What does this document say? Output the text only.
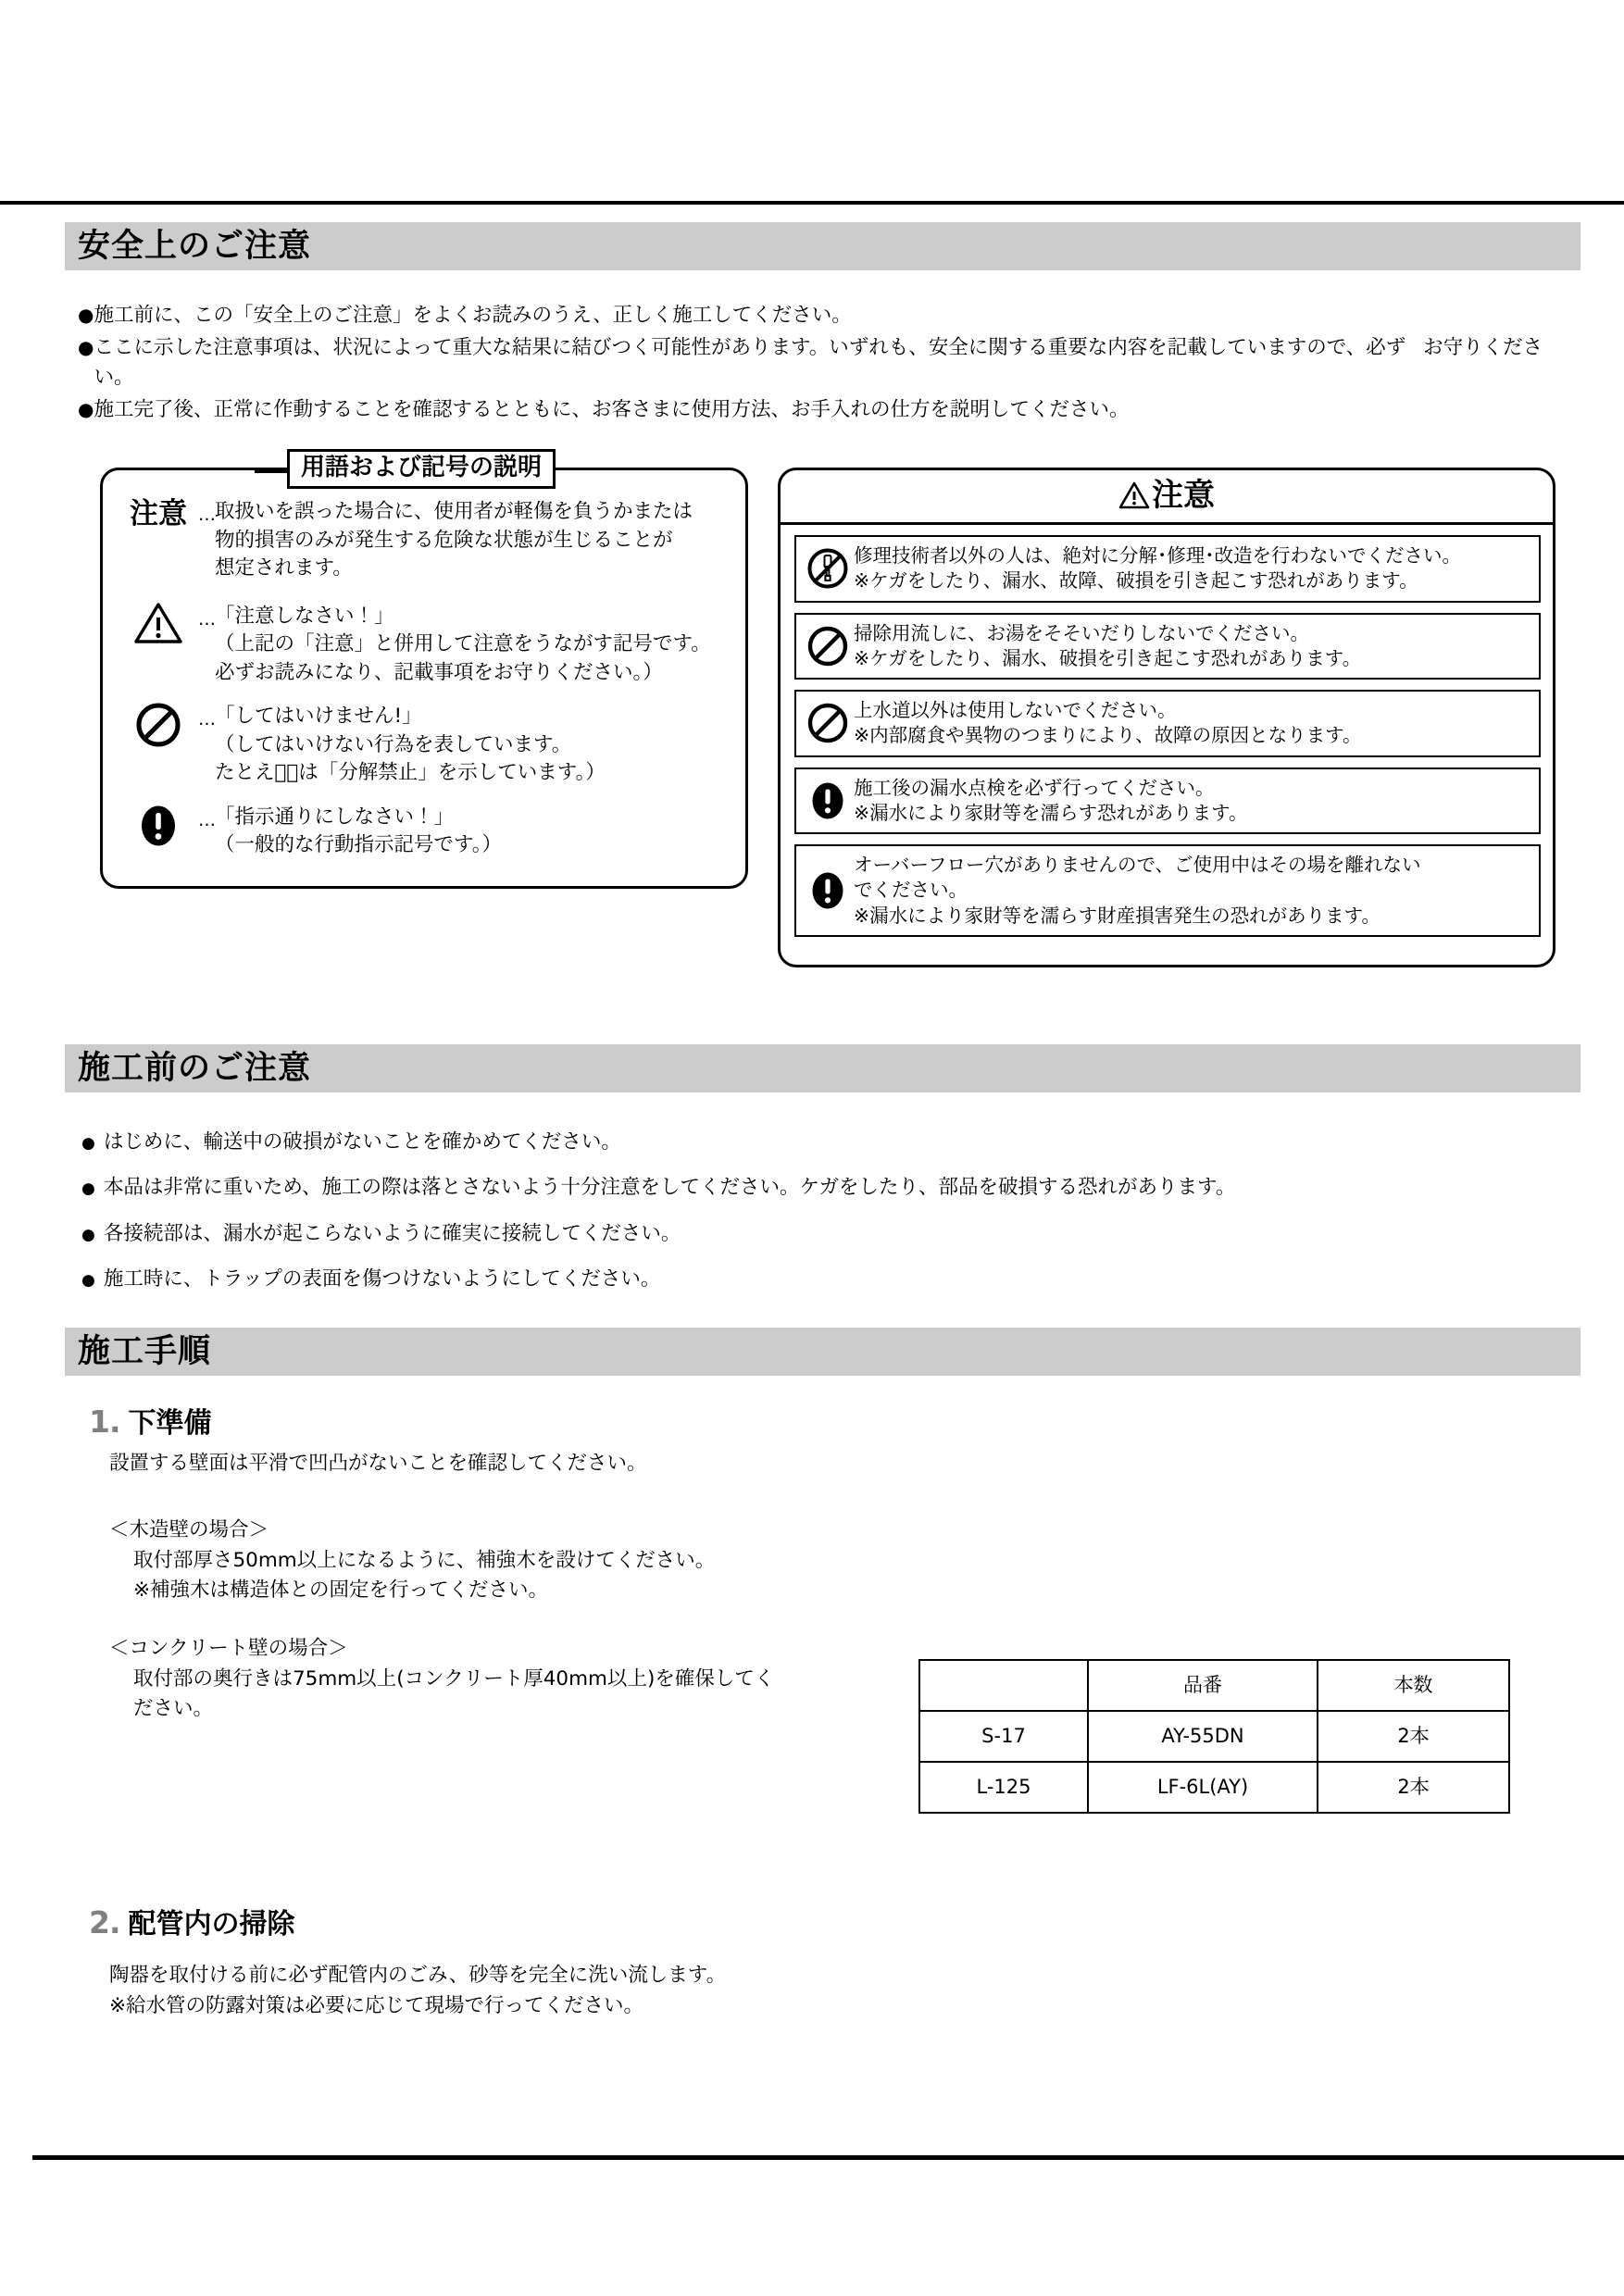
安全上のご注意
● 施工前に、この「安全上のご注意」をよくお読みのうえ、正しく施工してください。
● ここに示した注意事項は、状況によって重大な結果に結びつく可能性があります。いずれも、安全に関する重要な内容を記載していますので、必ず お守りください。
● 施工完了後、正常に作動することを確認するとともに、お客さまに使用方法、お手入れの仕方を説明してください。
用語および記号の説明
注意 … 取扱いを誤った場合に、使用者が軽傷を負うかまたは
物的損害のみが発生する危険な状態が生じることが
想定されます。
… 「注意しなさい！」
（上記の「注意」と併用して注意をうながす記号です。
必ずお読みになり、記載事項をお守りください。）
… 「してはいけません!」
（してはいけない行為を表しています。
たとえば⃠は「分解禁止」を示しています。）
… 「指示通りにしなさい！」
（一般的な行動指示記号です。）
注意
修理技術者以外の人は、絶対に分解･修理･改造を行わないでください。
※ケガをしたり、漏水、故障、破損を引き起こす恐れがあります。
掃除用流しに、お湯をそそいだりしないでください。
※ケガをしたり、漏水、破損を引き起こす恐れがあります。
上水道以外は使用しないでください。
※内部腐食や異物のつまりにより、故障の原因となります。
施工後の漏水点検を必ず行ってください。
※漏水により家財等を濡らす恐れがあります。
オーバーフロー穴がありませんので、ご使用中はその場を離れない
でください。
※漏水により家財等を濡らす財産損害発生の恐れがあります。
施工前のご注意
● はじめに、輸送中の破損がないことを確かめてください。
● 本品は非常に重いため、施工の際は落とさないよう十分注意をしてください。ケガをしたり、部品を破損する恐れがあります。
● 各接続部は、漏水が起こらないように確実に接続してください。
● 施工時に、トラップの表面を傷つけないようにしてください。
施工手順
1. 下準備
設置する壁面は平滑で凹凸がないことを確認してください。
＜木造壁の場合＞
取付部厚さ50mm以上になるように、補強木を設けてください。
※補強木は構造体との固定を行ってください。
＜コンクリート壁の場合＞
取付部の奥行きは75mm以上(コンクリート厚40mm以上)を確保してく
ださい。
	品番	本数
S-17	AY-55DN	2本
L-125	LF-6L(AY)	2本
2. 配管内の掃除
陶器を取付ける前に必ず配管内のごみ、砂等を完全に洗い流します。
※給水管の防露対策は必要に応じて現場で行ってください。
